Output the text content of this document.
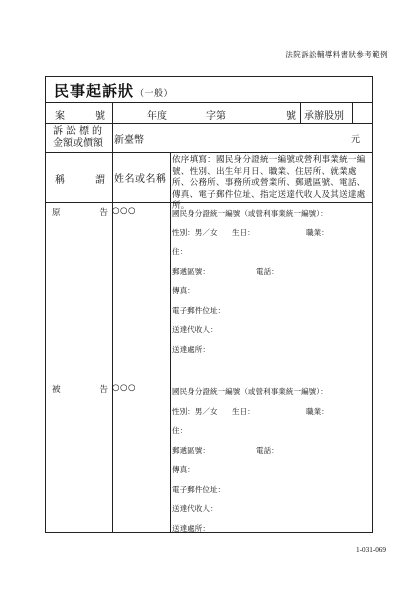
法院訴訟輔導料書狀參考範例
民事起訴狀（一般）
案	號	年度	字第	號 承辦股別
訴訟標的
金額或價額	新臺幣	元
稱	謂 姓名或名稱
依序填寫：國民身分證統一編號或營利事業統一編號、性別、出生年月日、職業、住居所、就業處所、公務所、事務所或營業所、郵遞區號、電話、傳真、電子郵件位址、指定送達代收人及其送達處所。
原	告 ○○○	國民身分證統一編號（或營利事業統一編號）：
性別：男／女 生日：	職業：
住：
郵遞區號：	電話：
傳真：
電子郵件位址：
送達代收人：
送達處所：
被	告 ○○○	國民身分證統一編號（或營利事業統一編號）：
性別：男／女 生日：	職業：
住：
郵遞區號：	電話：
傳真：
電子郵件位址：
送達代收人：
送達處所：
1-031-069
